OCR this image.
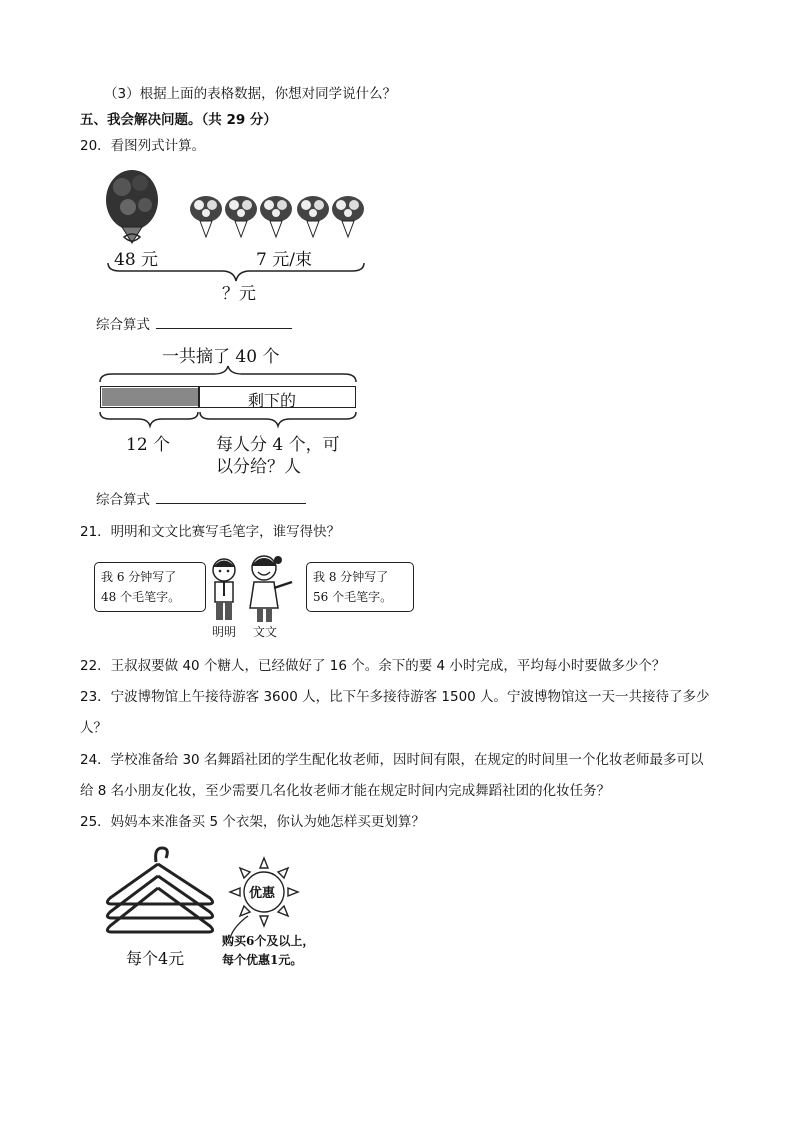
（3）根据上面的表格数据，你想对同学说什么？
五、我会解决问题。（共 29 分）
20．看图列式计算。
48 元	7 元/束
？元
综合算式
一共摘了 40 个
剩下的
12 个	每人分 4 个，可
以分给？人
综合算式
21．明明和文文比赛写毛笔字，谁写得快？
我 6 分钟写了
48 个毛笔字。
我 8 分钟写了
56 个毛笔字。
明明 文文
22．王叔叔要做 40 个糖人，已经做好了 16 个。余下的要 4 小时完成，平均每小时要做多少个？
23．宁波博物馆上午接待游客 3600 人，比下午多接待游客 1500 人。宁波博物馆这一天一共接待了多少
人？
24．学校准备给 30 名舞蹈社团的学生配化妆老师，因时间有限，在规定的时间里一个化妆老师最多可以
给 8 名小朋友化妆，至少需要几名化妆老师才能在规定时间内完成舞蹈社团的化妆任务？
25．妈妈本来准备买 5 个衣架，你认为她怎样买更划算？
每个4元
优惠
购买6个及以上，
每个优惠1元。
